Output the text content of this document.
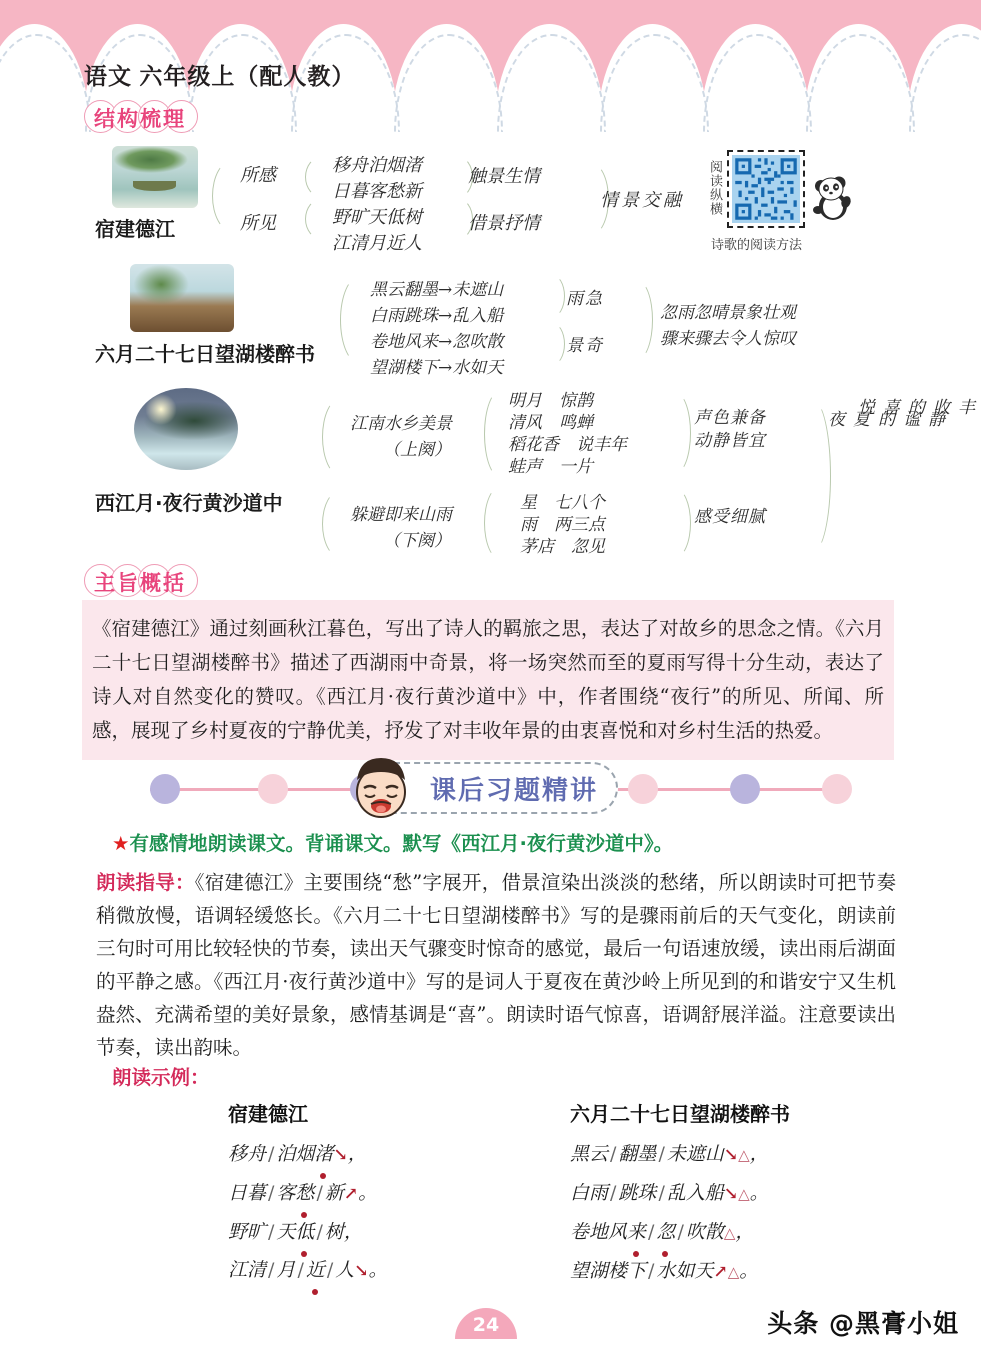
语文 六年级上（配人教）
结构梳理
宿建德江
所感
所见
移舟泊烟渚
日暮客愁新
野旷天低树
江清月近人
触景生情
借景抒情
情景交融 阅读纵横
诗歌的阅读方法
六月二十七日望湖楼醉书
黑云翻墨→未遮山
白雨跳珠→乱入船
卷地风来→忽吹散
望湖楼下→水如天
雨急
景奇
忽雨忽晴景象壮观
骤来骤去令人惊叹
西江月·夜行黄沙道中
江南水乡美景
（上阕）
躲避即来山雨
（下阕）
明月　惊鹊
清风　鸣蝉
稻花香　说丰年
蛙声　一片
星　七八个
雨　两三点
茅店　忽见
声色兼备
动静皆宜
感受细腻
丰收的喜悦
静谧的夏夜
主旨概括

《宿建德江》通过刻画秋江暮色，写出了诗人的羁旅之思，表达了对故乡的思念之情。《六月二十七日望湖楼醉书》描述了西湖雨中奇景，将一场突然而至的夏雨写得十分生动，表达了诗人对自然变化的赞叹。《西江月·夜行黄沙道中》中，作者围绕“夜行”的所见、所闻、所感，展现了乡村夏夜的宁静优美，抒发了对丰收年景的由衷喜悦和对乡村生活的热爱。

课后习题精讲
★有感情地朗读课文。背诵课文。默写《西江月·夜行黄沙道中》。

朗读指导：《宿建德江》主要围绕“愁”字展开，借景渲染出淡淡的愁绪，所以朗读时可把节奏稍微放慢，语调轻缓悠长。《六月二十七日望湖楼醉书》写的是骤雨前后的天气变化，朗读前三句时可用比较轻快的节奏，读出天气骤变时惊奇的感觉，最后一句语速放缓，读出雨后湖面的平静之感。《西江月·夜行黄沙道中》写的是词人于夏夜在黄沙岭上所见到的和谐安宁又生机盎然、充满希望的美好景象，感情基调是“喜”。朗读时语气惊喜，语调舒展洋溢。注意要读出节奏，读出韵味。

朗读示例：
宿建德江
移舟 / 泊烟渚↘，
日暮 / 客愁 / 新↗。
野旷 / 天低 / 树，
江清 / 月 / 近 / 人↘。
六月二十七日望湖楼醉书
黑云 / 翻墨 / 未遮山↘△，
白雨 / 跳珠 / 乱入船↘△。
卷地风来 / 忽 / 吹散△，
望湖楼下 / 水如天↗△。
24	头条 @黑膏小姐
